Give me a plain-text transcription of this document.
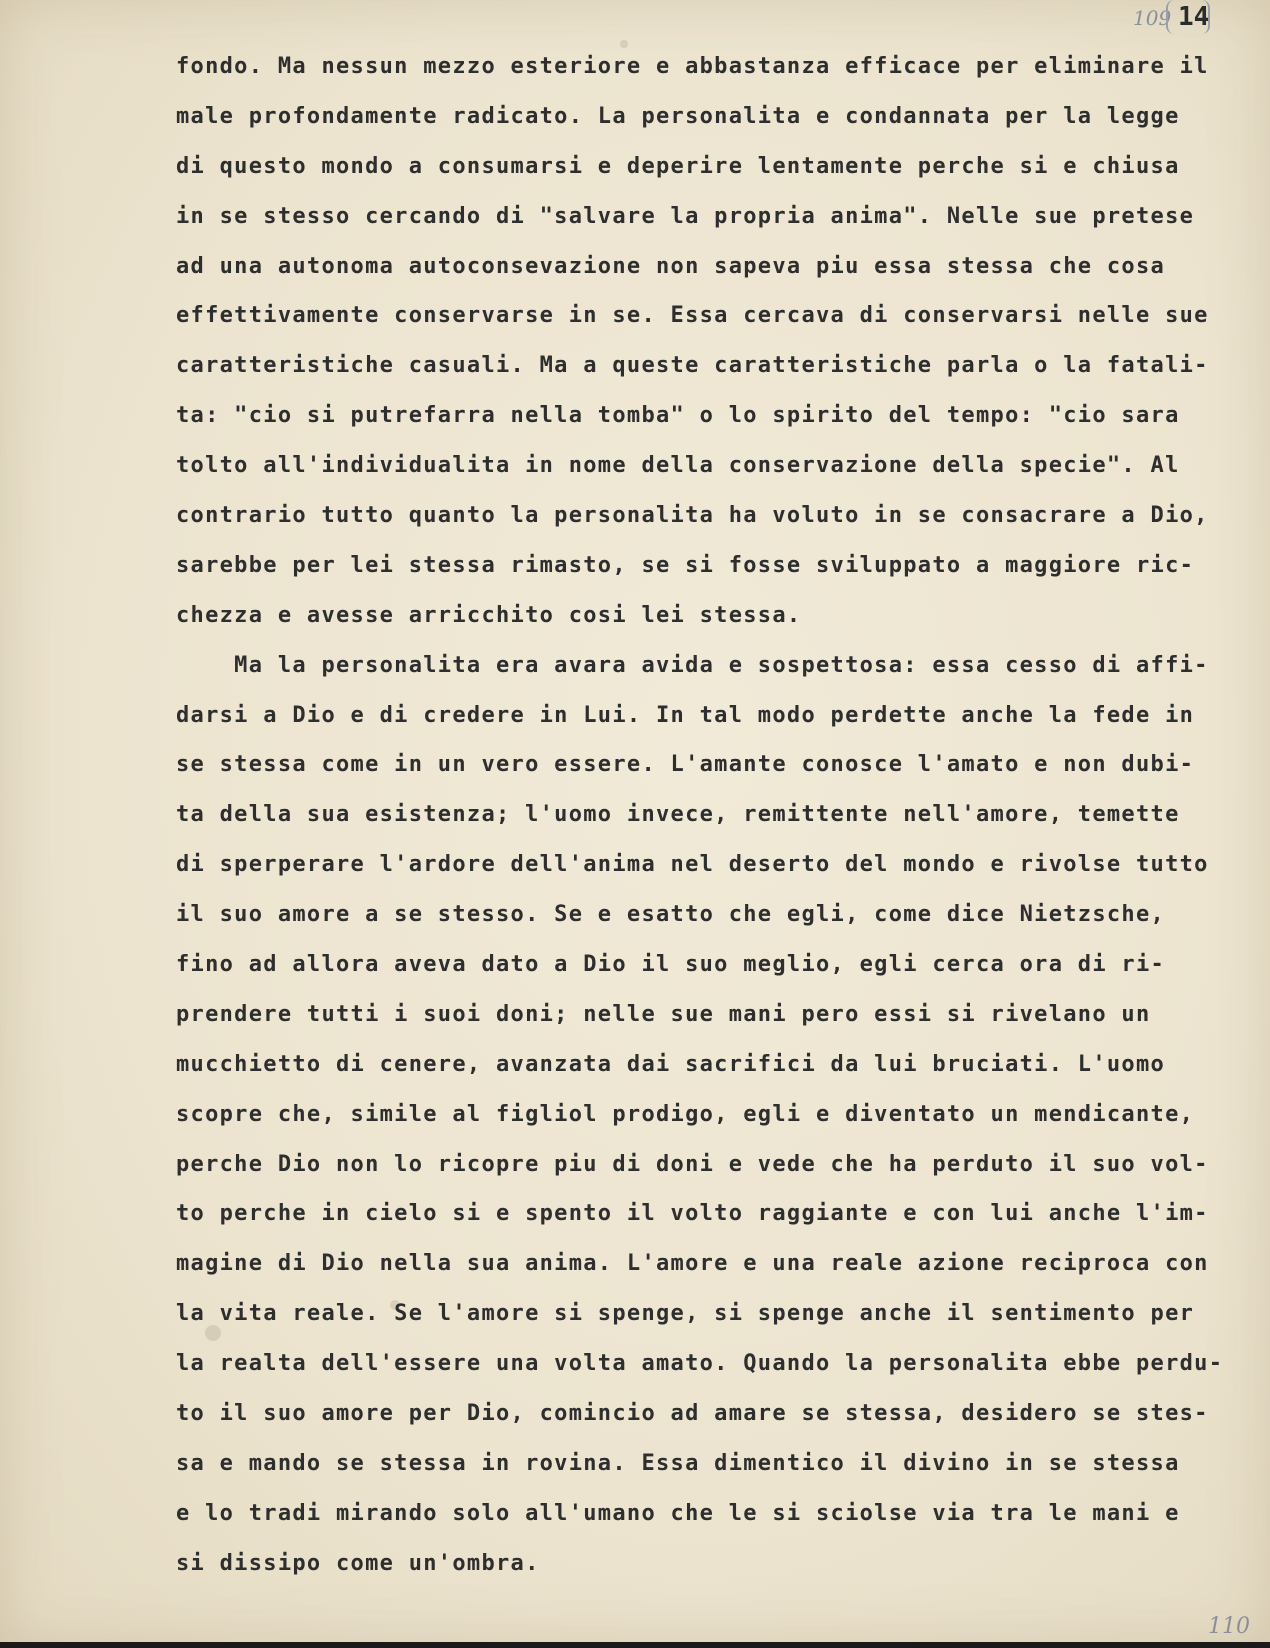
109 14
fondo. Ma nessun mezzo esteriore e abbastanza efficace per eliminare il
male profondamente radicato. La personalita e condannata per la legge
di questo mondo a consumarsi e deperire lentamente perche si e chiusa
in se stesso cercando di "salvare la propria anima". Nelle sue pretese
ad una autonoma autoconsevazione non sapeva piu essa stessa che cosa
effettivamente conservarse in se. Essa cercava di conservarsi nelle sue
caratteristiche casuali. Ma a queste caratteristiche parla o la fatali-
ta: "cio si putrefarra nella tomba" o lo spirito del tempo: "cio sara
tolto all'individualita in nome della conservazione della specie". Al
contrario tutto quanto la personalita ha voluto in se consacrare a Dio,
sarebbe per lei stessa rimasto, se si fosse sviluppato a maggiore ric-
chezza e avesse arricchito cosi lei stessa.
Ma la personalita era avara avida e sospettosa: essa cesso di affi-
darsi a Dio e di credere in Lui. In tal modo perdette anche la fede in
se stessa come in un vero essere. L'amante conosce l'amato e non dubi-
ta della sua esistenza; l'uomo invece, remittente nell'amore, temette
di sperperare l'ardore dell'anima nel deserto del mondo e rivolse tutto
il suo amore a se stesso. Se e esatto che egli, come dice Nietzsche,
fino ad allora aveva dato a Dio il suo meglio, egli cerca ora di ri-
prendere tutti i suoi doni; nelle sue mani pero essi si rivelano un
mucchietto di cenere, avanzata dai sacrifici da lui bruciati. L'uomo
scopre che, simile al figliol prodigo, egli e diventato un mendicante,
perche Dio non lo ricopre piu di doni e vede che ha perduto il suo vol-
to perche in cielo si e spento il volto raggiante e con lui anche l'im-
magine di Dio nella sua anima. L'amore e una reale azione reciproca con
la vita reale. Se l'amore si spenge, si spenge anche il sentimento per
la realta dell'essere una volta amato. Quando la personalita ebbe perdu-
to il suo amore per Dio, comincio ad amare se stessa, desidero se stes-
sa e mando se stessa in rovina. Essa dimentico il divino in se stessa
e lo tradi mirando solo all'umano che le si sciolse via tra le mani e
si dissipo come un'ombra.
110
